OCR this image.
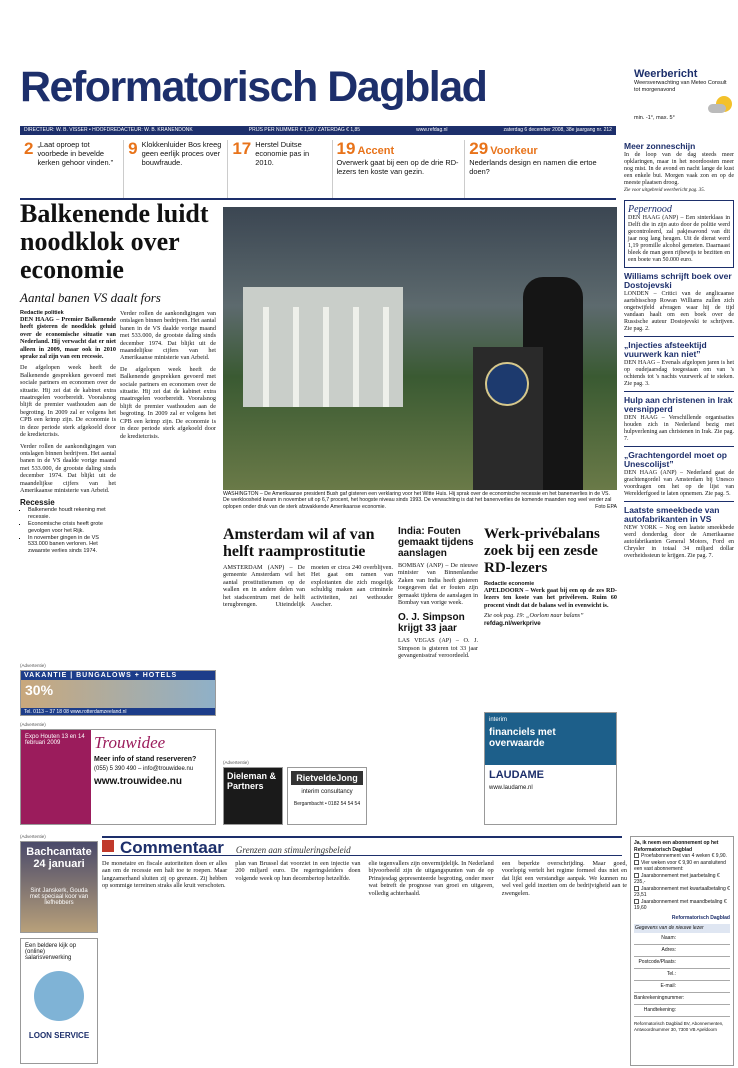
Reformatorisch Dagblad	Weerbericht

Weersverwachting van Meteo Consult tot morgenavond

min. -1°, max. 5°

DIRECTEUR: W. B. VISSER • HOOFDREDACTEUR: W. B. KRANENDONK	PRIJS PER NUMMER € 1,50 / ZATERDAG € 1,85	www.refdag.nl	zaterdag 6 december 2008, 38e jaargang nr. 212
2 „Laat oproep tot voorbede in bevelde kerken gehoor vinden.”
9 Klokkenluider Bos kreeg geen eerlijk proces over bouwfraude.
17 Herstel Duitse economie pas in 2010.
19 Accent
Overwerk gaat bij een op de drie RD-lezers ten koste van gezin.
29 Voorkeur
Nederlands design en namen die ertoe doen?
Balkenende luidt noodklok over economie
Aantal banen VS daalt fors
Redactie politiek

DEN HAAG – Premier Balkenende heeft gisteren de noodklok geluid over de economische situatie van Nederland. Hij verwacht dat er niet alleen in 2009, maar ook in 2010 sprake zal zijn van een recessie.

De afgelopen week heeft de Balkenende gesprekken gevoerd met sociale partners en economen over de situatie. Hij zei dat de kabinet extra maatregelen voorbereidt. Vooralsnog blijft de premier vasthouden aan de begroting. In 2009 zal er volgens het CPB een krimp zijn. De economie is in deze periode sterk afgekoeld door de kredietcrisis.

Verder rollen de aankondigingen van ontslagen binnen bedrijven. Het aantal banen in de VS daalde vorige maand met 533.000, de grootste daling sinds december 1974. Dat blijkt uit de maandelijkse cijfers van het Amerikaanse ministerie van Arbeid.

Recessie
▪ Balkenende houdt rekening met recessie.
▪ Economische crisis heeft grote gevolgen voor het Rijk.
▪ In november gingen in de VS 533.000 banen verloren. Het zwaarste verlies sinds 1974.

Verder rollen de aankondigingen van ontslagen binnen bedrijven. Het aantal banen in de VS daalde vorige maand met 533.000, de grootste daling sinds december 1974. Dat blijkt uit de maandelijkse cijfers van het Amerikaanse ministerie van Arbeid.

De afgelopen week heeft de Balkenende gesprekken gevoerd met sociale partners en economen over de situatie. Hij zei dat de kabinet extra maatregelen voorbereidt. Vooralsnog blijft de premier vasthouden aan de begroting. In 2009 zal er volgens het CPB een krimp zijn. De economie is in deze periode sterk afgekoeld door de kredietcrisis.

WASHINGTON – De Amerikaanse president Bush gaf gisteren een verklaring voor het Witte Huis. Hij sprak over de economische recessie en het banenverlies in de VS. De werkloosheid kwam in november uit op 6,7 procent, het hoogste niveau sinds 1993. De verwachting is dat het banenverlies de komende maanden nog veel verder zal oplopen onder druk van de sterk afzwakkende Amerikaanse economie.	Foto EPA
Meer zonneschijn

In de loop van de dag steeds meer opklaringen, maar in het noordoosten meer nog mist. In de avond en nacht lange de kust een enkele bui. Morgen vaak zon en op de meeste plaatsen droog.

Zie voor uitgebreid weerbericht pag. 35.

Pepernood

DEN HAAG (ANP) – Een sinterklaas in Delft die in zijn auto door de politie werd gecontroleerd, zal pakjesavond van dit jaar nog lang heugen. Uit de dienst werd 1,19 promille alcohol gemeten. Daarnaast bleek de man geen rijbewijs te bezitten en een boete van 50.000 euro.

Williams schrijft boek over Dostojevski

LONDEN – Critici van de anglicaanse aartsbisschop Rowan Williams zullen zich ongetwijfeld afvragen waar hij de tijd vandaan haalt om een boek over de Russische auteur Dostojevski te schrijven. Zie pag. 2.

„Injecties afsteektijd vuurwerk kan niet”

DEN HAAG – Evenals afgelopen jaren is het op oudejaarsdag toegestaan om van 's ochtends tot 's nachts vuurwerk af te steken. Zie pag. 3.

Hulp aan christenen in Irak versnipperd

DEN HAAG – Verschillende organisaties houden zich in Nederland bezig met hulpverlening aan christenen in Irak. Zie pag. 7.

„Grachtengordel moet op Unescolijst”

DEN HAAG (ANP) – Nederland gaat de grachtengordel van Amsterdam bij Unesco voordragen om het op de lijst van Werelderfgoed te laten opnemen. Zie pag. 5.

Laatste smeekbede van autofabrikanten in VS

NEW YORK – Nog een laatste smeekbede werd donderdag door de Amerikaanse autofabrikanten General Motors, Ford en Chrysler in totaal 34 miljard dollar overheidssteun te krijgen. Zie pag. 7.

Amsterdam wil af van helft raamprostitutie

AMSTERDAM (ANP) – De gemeente Amsterdam wil het aantal prostitutieramen op de wallen en in andere delen van het stadscentrum met de helft terugbrengen. Uiteindelijk moeten er circa 240 overblijven. Het gaat om ramen van exploitanten die zich mogelijk schuldig maken aan criminele activiteiten, zei wethouder Asscher.

India: Fouten gemaakt tijdens aanslagen

BOMBAY (ANP) – De nieuwe minister van Binnenlandse Zaken van India heeft gisteren toegegeven dat er fouten zijn gemaakt tijdens de aanslagen in Bombay van vorige week.

O. J. Simpson krijgt 33 jaar

LAS VEGAS (AP) – O. J. Simpson is gisteren tot 33 jaar gevangenisstraf veroordeeld.

Werk-privébalans zoek bij een zesde RD-lezers
Redactie economie

APELDOORN – Werk gaat bij een op de zes RD-lezers ten koste van het privéleven. Ruim 60 procent vindt dat de balans wel in evenwicht is.

Zie ook pag. 19: „Oorlom naar balans”

refdag.nl/werkprive

(Advertentie)
VAKANTIE | BUNGALOWS + HOTELS
30%
Tel. 0113 – 37 18 08 www.rotterdamzeeland.nl
(Advertentie)
Expo Houten 13 en 14 februari 2009	Trouwidee
Meer info of stand reserveren?
(055) 5 390 490 – info@trouwidee.nu
www.trouwidee.nu
(Advertentie)
Dieleman & Partners
RietveldeJong
interim consultancy
Bergambacht • 0182 54 54 54
interim
financiels met overwaarde
LAUDAME
www.laudame.nl
(Advertentie)
Bachcantate 24 januari
Sint Janskerk, Gouda met speciaal koor van liefhebbers
Een beldere kijk op (online) salarisverwerking
LOON SERVICE
Commentaar Grenzen aan stimuleringsbeleid

De monetaire en fiscale autoriteiten doen er alles aan om de recessie een halt toe te roepen. Maar langzamerhand sluiten zij op grenzen. Zij hebben op sommige terreinen straks alle kruit verschoten.

plan van Brussel dat voorziet in een injectie van 200 miljard euro. De regeringsleiders doen volgende week op hun decembertop hetzelfde.

elie tegenvallers zijn onvermijdelijk. In Nederland bijvoorbeeld zijn de uitgangspunten van de op Prinsjesdag gepresenteerde begroting, onder meer wat betreft de prognose van groei en uitgaven, volledig achterhaald.

een beperkte overschrijding. Maar goed, voorlopig vertelt het regime formeel dus niet en dat lijkt een verstandige aanpak. We kunnen nu wel veel geld inzetten om de bedrijvigheid aan te zwengelen.

Ja, ik neem een abonnement op het Reformatorisch Dagblad
Proefabonnement van 4 weken € 9,90.
Vier weken voor € 9,90 en aansluitend een vast abonnement:
Jaarabonnement met jaarbetaling € 235,-
Jaarabonnement met kwartaalbetaling € 23,51
Jaarabonnement met maandbetaling € 19,60
Reformatorisch Dagblad
Gegevens van de nieuwe lezer
Naam:
Adres:
Postcode/Plaats:
Tel.:
E-mail:
Bankrekeningnummer:
Handtekening:
Reformatorisch Dagblad BV, Abonnementen, Antwoordnummer 30, 7300 VB Apeldoorn
